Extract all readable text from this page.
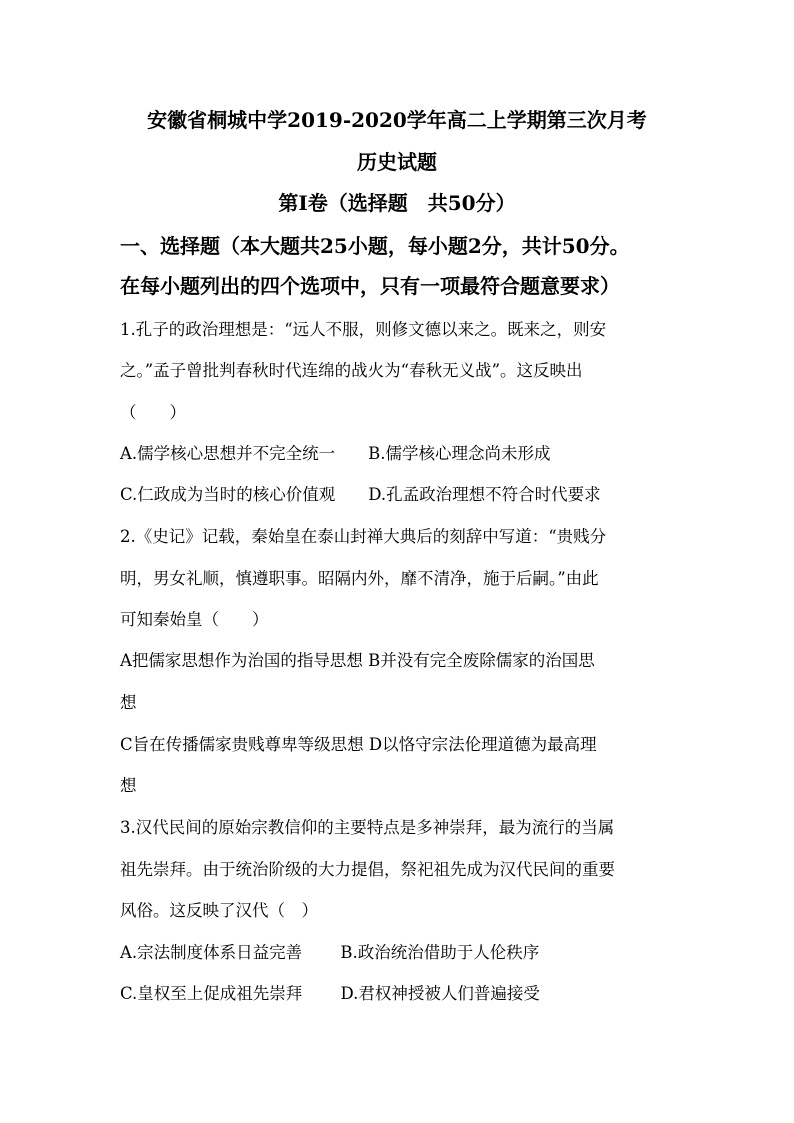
安徽省桐城中学2019-2020学年高二上学期第三次月考
历史试题
第Ⅰ卷（选择题　共50分）
一、选择题（本大题共25小题，每小题2分，共计50分。
在每小题列出的四个选项中，只有一项最符合题意要求）
1.孔子的政治理想是：“远人不服，则修文德以来之。既来之，则安
之。”孟子曾批判春秋时代连绵的战火为“春秋无义战”。这反映出
（　　）
A.儒学核心思想并不完全统一　　B.儒学核心理念尚未形成
C.仁政成为当时的核心价值观　　D.孔孟政治理想不符合时代要求
2.《史记》记载，秦始皇在泰山封禅大典后的刻辞中写道：“贵贱分
明，男女礼顺，慎遵职事。昭隔内外，靡不清净，施于后嗣。”由此
可知秦始皇（　　）
A把儒家思想作为治国的指导思想 B并没有完全废除儒家的治国思
想
C旨在传播儒家贵贱尊卑等级思想 D以恪守宗法伦理道德为最高理
想
3.汉代民间的原始宗教信仰的主要特点是多神崇拜，最为流行的当属
祖先崇拜。由于统治阶级的大力提倡，祭祀祖先成为汉代民间的重要
风俗。这反映了汉代（　）
A.宗法制度体系日益完善　　 B.政治统治借助于人伦秩序
C.皇权至上促成祖先崇拜　　 D.君权神授被人们普遍接受
